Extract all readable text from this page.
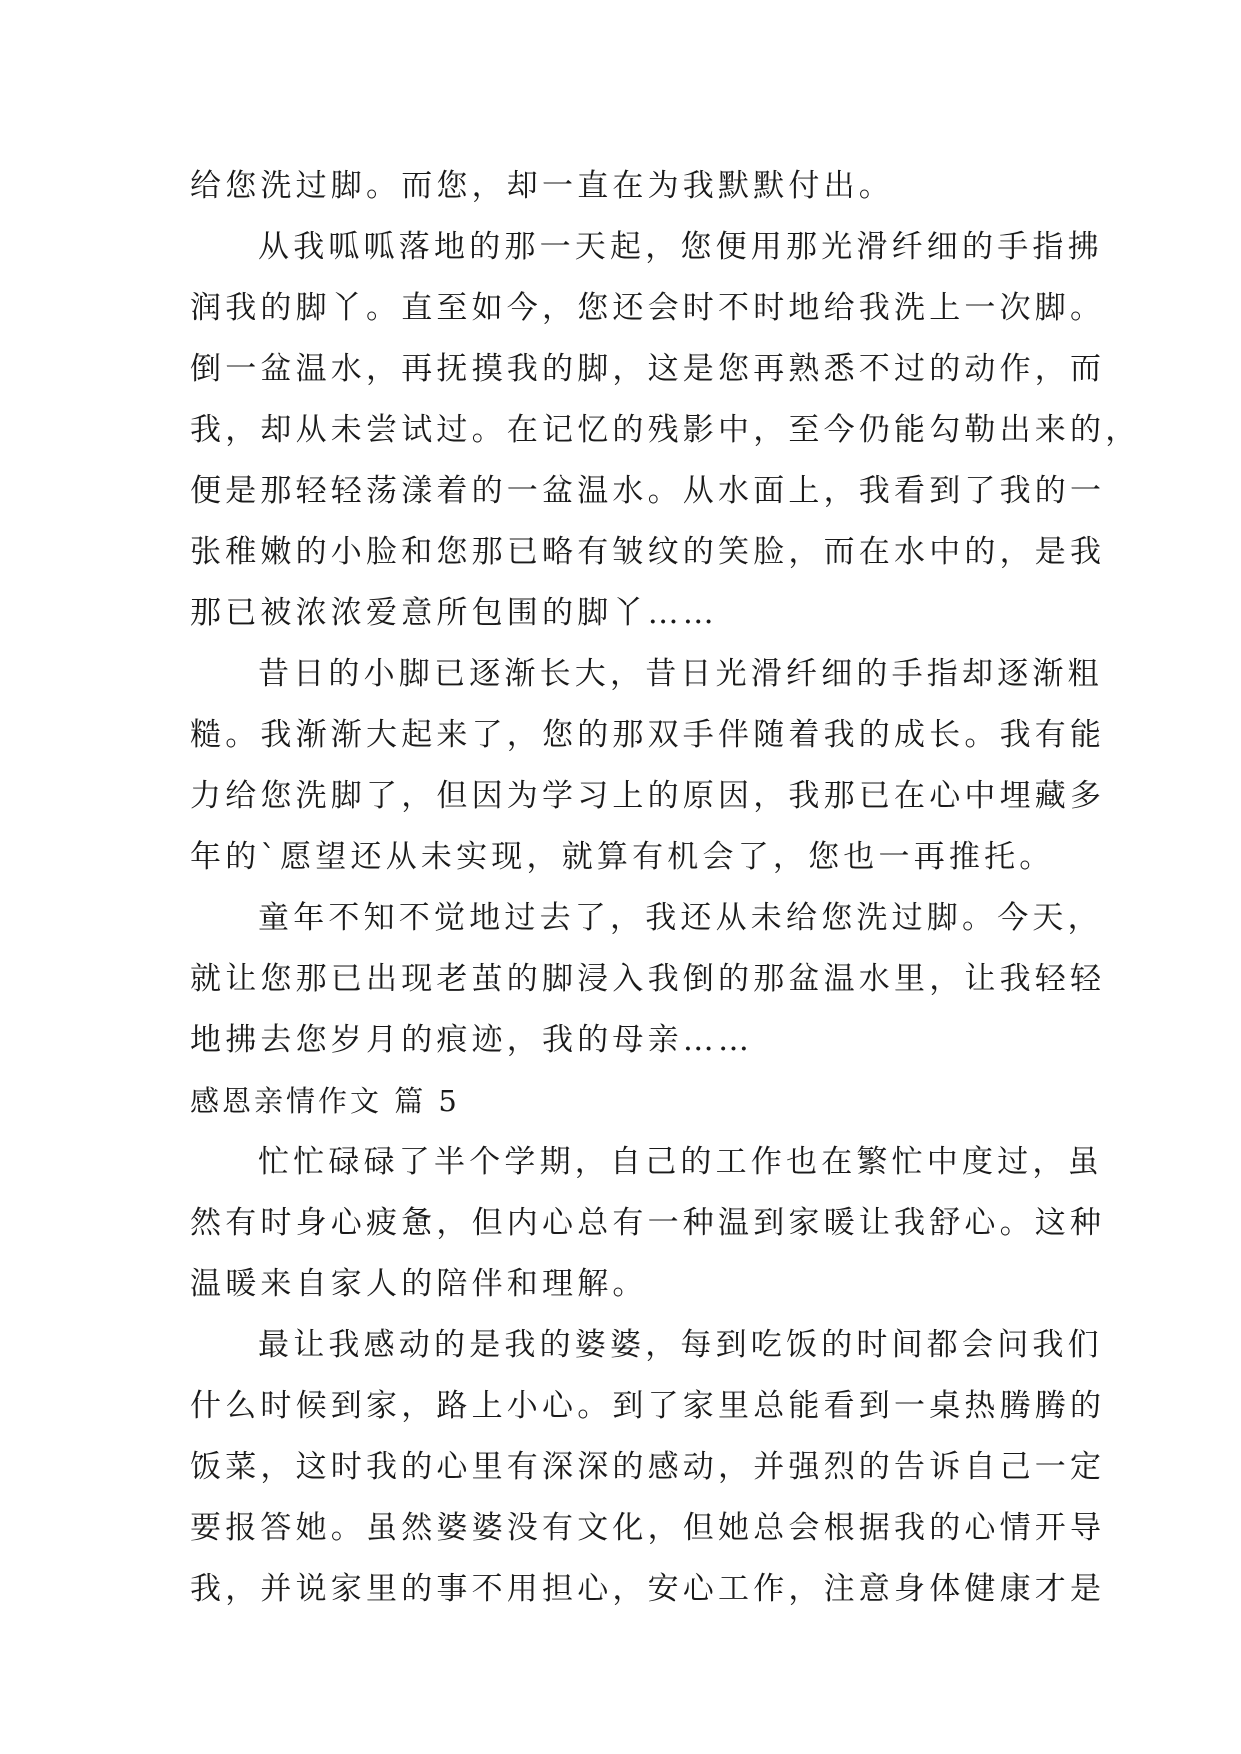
给您洗过脚。而您，却一直在为我默默付出。
从我呱呱落地的那一天起，您便用那光滑纤细的手指拂
润我的脚丫。直至如今，您还会时不时地给我洗上一次脚。
倒一盆温水，再抚摸我的脚，这是您再熟悉不过的动作，而
我，却从未尝试过。在记忆的残影中，至今仍能勾勒出来的，
便是那轻轻荡漾着的一盆温水。从水面上，我看到了我的一
张稚嫩的小脸和您那已略有皱纹的笑脸，而在水中的，是我
那已被浓浓爱意所包围的脚丫……
昔日的小脚已逐渐长大，昔日光滑纤细的手指却逐渐粗
糙。我渐渐大起来了，您的那双手伴随着我的成长。我有能
力给您洗脚了，但因为学习上的原因，我那已在心中埋藏多
年的`愿望还从未实现，就算有机会了，您也一再推托。
童年不知不觉地过去了，我还从未给您洗过脚。今天，
就让您那已出现老茧的脚浸入我倒的那盆温水里，让我轻轻
地拂去您岁月的痕迹，我的母亲……
感恩亲情作文 篇 5
忙忙碌碌了半个学期，自己的工作也在繁忙中度过，虽
然有时身心疲惫，但内心总有一种温到家暖让我舒心。这种
温暖来自家人的陪伴和理解。
最让我感动的是我的婆婆，每到吃饭的时间都会问我们
什么时候到家，路上小心。到了家里总能看到一桌热腾腾的
饭菜，这时我的心里有深深的感动，并强烈的告诉自己一定
要报答她。虽然婆婆没有文化，但她总会根据我的心情开导
我，并说家里的事不用担心，安心工作，注意身体健康才是
